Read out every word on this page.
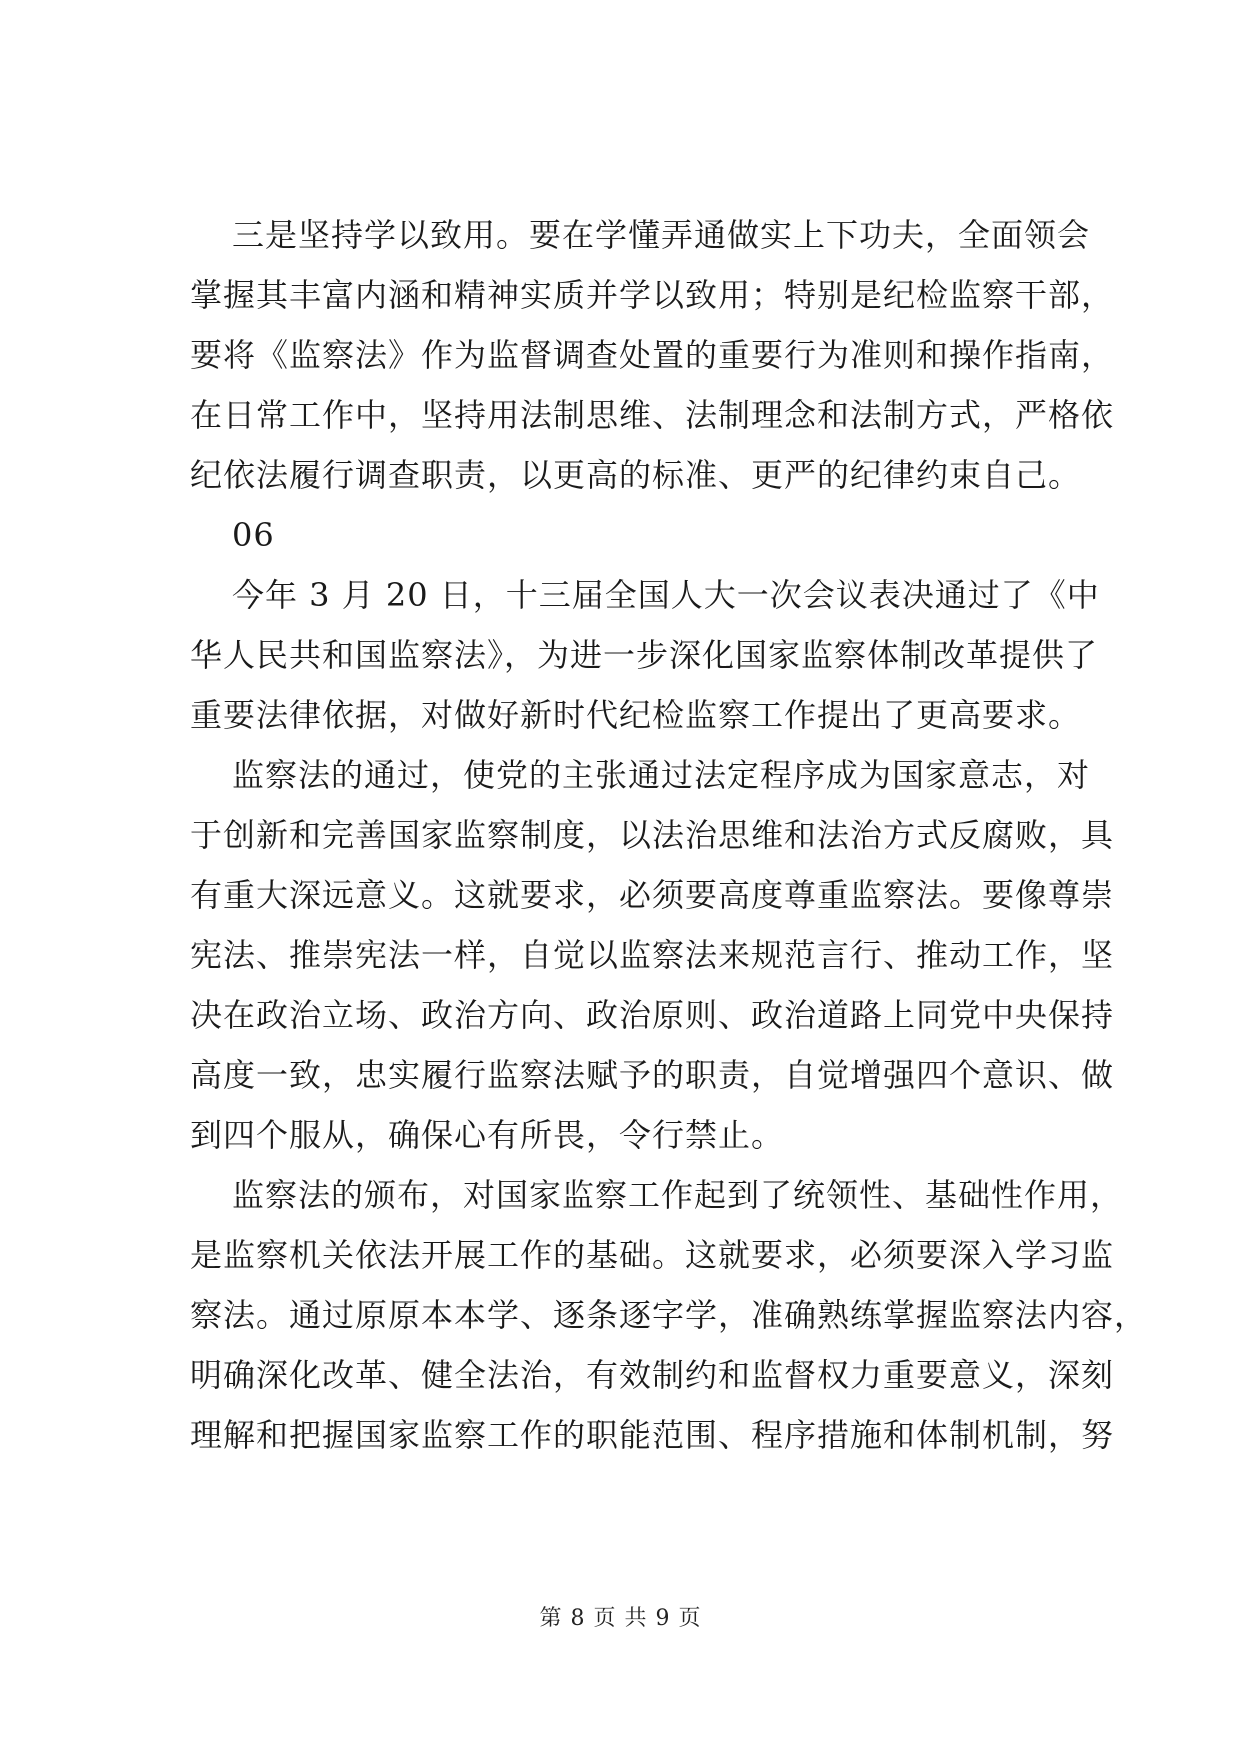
三是坚持学以致用。要在学懂弄通做实上下功夫，全面领会
掌握其丰富内涵和精神实质并学以致用；特别是纪检监察干部，
要将《监察法》作为监督调查处置的重要行为准则和操作指南，
在日常工作中，坚持用法制思维、法制理念和法制方式，严格依
纪依法履行调查职责，以更高的标准、更严的纪律约束自己。
06
今年 3 月 20 日，十三届全国人大一次会议表决通过了《中
华人民共和国监察法》，为进一步深化国家监察体制改革提供了
重要法律依据，对做好新时代纪检监察工作提出了更高要求。
监察法的通过，使党的主张通过法定程序成为国家意志，对
于创新和完善国家监察制度，以法治思维和法治方式反腐败，具
有重大深远意义。这就要求，必须要高度尊重监察法。要像尊崇
宪法、推崇宪法一样，自觉以监察法来规范言行、推动工作，坚
决在政治立场、政治方向、政治原则、政治道路上同党中央保持
高度一致，忠实履行监察法赋予的职责，自觉增强四个意识、做
到四个服从，确保心有所畏，令行禁止。
监察法的颁布，对国家监察工作起到了统领性、基础性作用，
是监察机关依法开展工作的基础。这就要求，必须要深入学习监
察法。通过原原本本学、逐条逐字学，准确熟练掌握监察法内容，
明确深化改革、健全法治，有效制约和监督权力重要意义，深刻
理解和把握国家监察工作的职能范围、程序措施和体制机制，努
第 8 页 共 9 页
